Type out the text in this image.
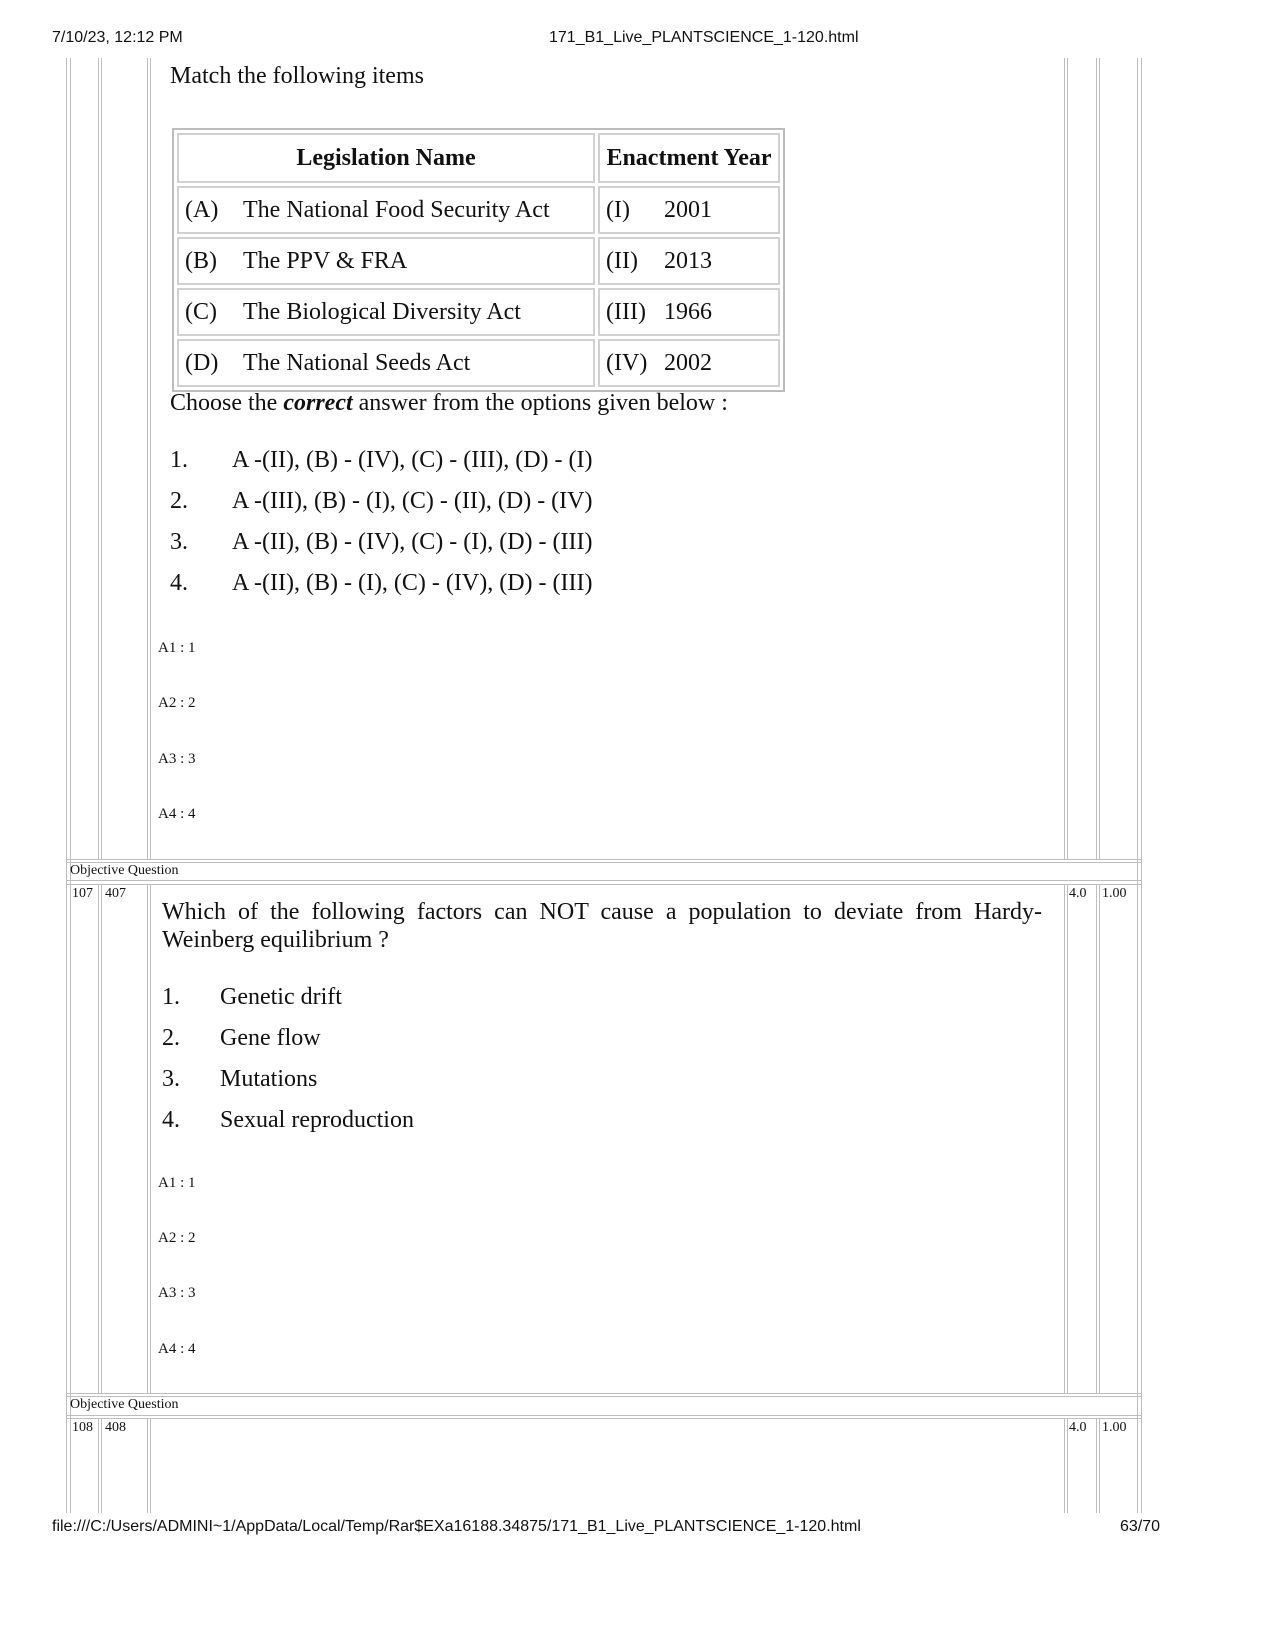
7/10/23, 12:12 PM	171_B1_Live_PLANTSCIENCE_1-120.html
Match the following items
Legislation Name	Enactment Year
(A) The National Food Security Act	(I) 2001
(B) The PPV & FRA	(II) 2013
(C) The Biological Diversity Act	(III) 1966
(D) The National Seeds Act	(IV) 2002
Choose the correct answer from the options given below :
1. A -(II), (B) - (IV), (C) - (III), (D) - (I)
2. A -(III), (B) - (I), (C) - (II), (D) - (IV)
3. A -(II), (B) - (IV), (C) - (I), (D) - (III)
4. A -(II), (B) - (I), (C) - (IV), (D) - (III)
A1 : 1
A2 : 2
A3 : 3
A4 : 4
Objective Question
107 407	4.0 1.00
Which of the following factors can NOT cause a population to deviate from Hardy-Weinberg equilibrium ?
1. Genetic drift
2. Gene flow
3. Mutations
4. Sexual reproduction
A1 : 1
A2 : 2
A3 : 3
A4 : 4
Objective Question
108 408	4.0 1.00
file:///C:/Users/ADMINI~1/AppData/Local/Temp/Rar$EXa16188.34875/171_B1_Live_PLANTSCIENCE_1-120.html	63/70
